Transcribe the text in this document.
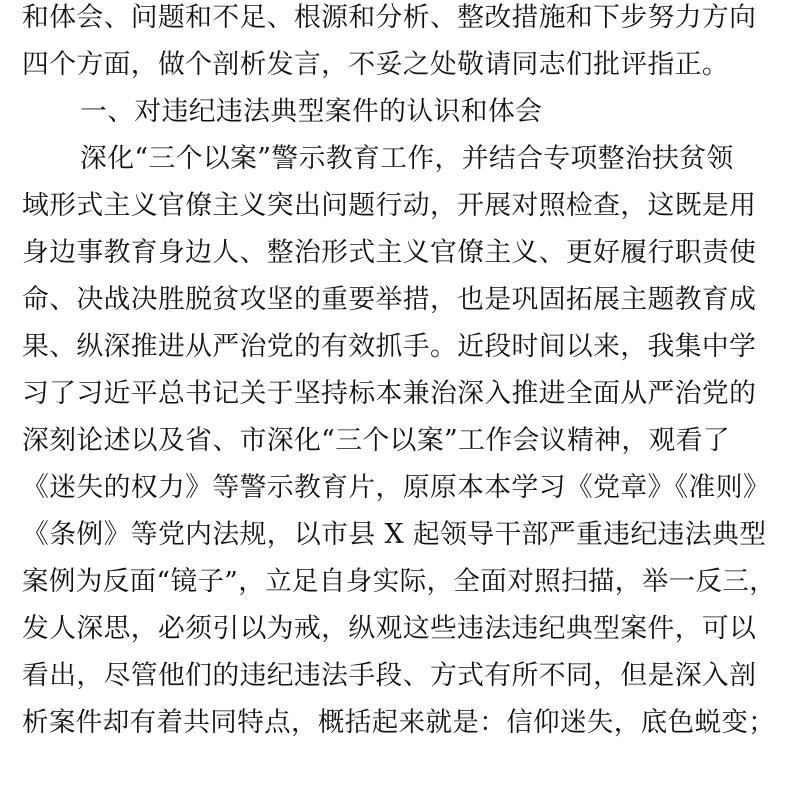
和体会、问题和不足、根源和分析、整改措施和下步努力方向
四个方面，做个剖析发言，不妥之处敬请同志们批评指正。
一、对违纪违法典型案件的认识和体会
深化“三个以案”警示教育工作，并结合专项整治扶贫领
域形式主义官僚主义突出问题行动，开展对照检查，这既是用
身边事教育身边人、整治形式主义官僚主义、更好履行职责使
命、决战决胜脱贫攻坚的重要举措，也是巩固拓展主题教育成
果、纵深推进从严治党的有效抓手。近段时间以来，我集中学
习了习近平总书记关于坚持标本兼治深入推进全面从严治党的
深刻论述以及省、市深化“三个以案”工作会议精神，观看了
《迷失的权力》等警示教育片，原原本本学习《党章》《准则》
《条例》等党内法规，以市县 X 起领导干部严重违纪违法典型
案例为反面“镜子”，立足自身实际，全面对照扫描，举一反三，
发人深思，必须引以为戒，纵观这些违法违纪典型案件，可以
看出，尽管他们的违纪违法手段、方式有所不同，但是深入剖
析案件却有着共同特点，概括起来就是：信仰迷失，底色蜕变；
